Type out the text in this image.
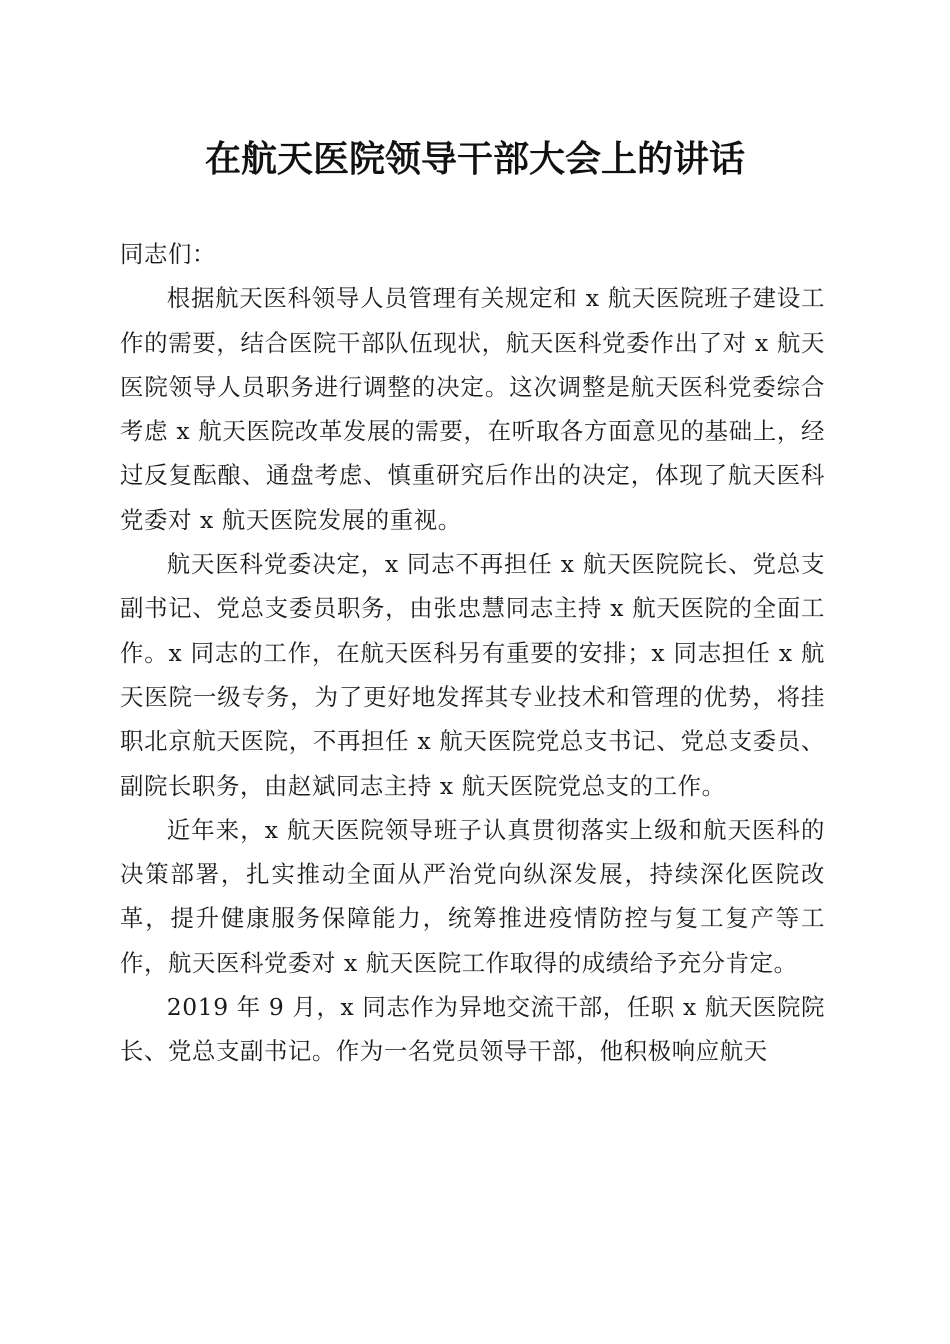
在航天医院领导干部大会上的讲话

同志们：

根据航天医科领导人员管理有关规定和 x 航天医院班子建设工作的需要，结合医院干部队伍现状，航天医科党委作出了对 x 航天医院领导人员职务进行调整的决定。这次调整是航天医科党委综合考虑 x 航天医院改革发展的需要，在听取各方面意见的基础上，经过反复酝酿、通盘考虑、慎重研究后作出的决定，体现了航天医科党委对 x 航天医院发展的重视。

航天医科党委决定，x 同志不再担任 x 航天医院院长、党总支副书记、党总支委员职务，由张忠慧同志主持 x 航天医院的全面工作。x 同志的工作，在航天医科另有重要的安排；x 同志担任 x 航天医院一级专务，为了更好地发挥其专业技术和管理的优势，将挂职北京航天医院，不再担任 x 航天医院党总支书记、党总支委员、副院长职务，由赵斌同志主持 x 航天医院党总支的工作。

近年来，x 航天医院领导班子认真贯彻落实上级和航天医科的决策部署，扎实推动全面从严治党向纵深发展，持续深化医院改革，提升健康服务保障能力，统筹推进疫情防控与复工复产等工作，航天医科党委对 x 航天医院工作取得的成绩给予充分肯定。

2019 年 9 月，x 同志作为异地交流干部，任职 x 航天医院院长、党总支副书记。作为一名党员领导干部，他积极响应航天
